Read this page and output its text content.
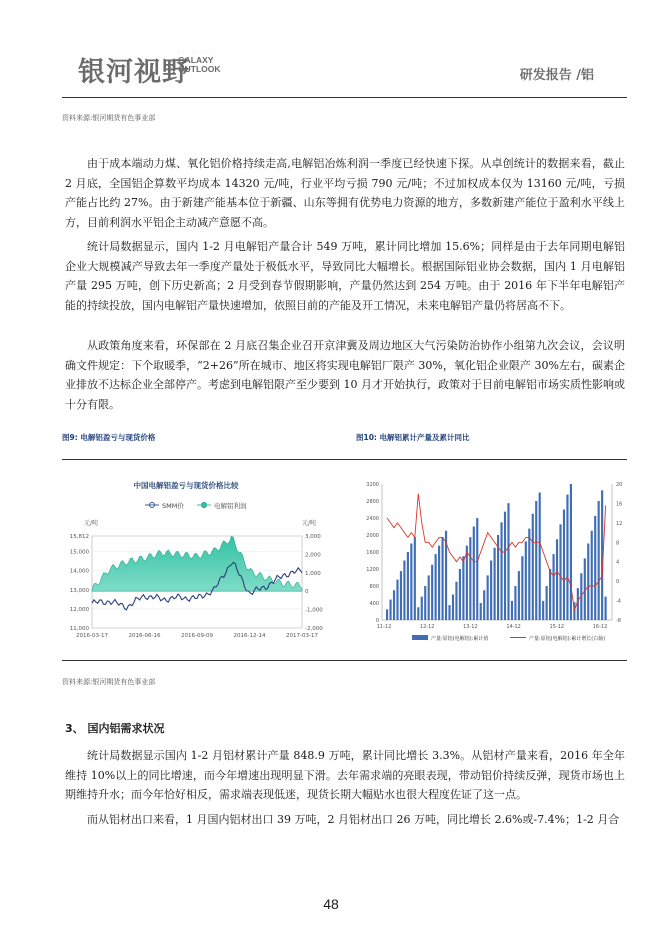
银河视野
· · · · · · · ·
GALAXY
OUTLOOK	研发报告 /铝
资料来源:银河期货有色事业部

由于成本端动力煤、氧化铝价格持续走高,电解铝冶炼利润一季度已经快速下探。从卓创统计的数据来看，截止 2 月底，全国铝企算数平均成本 14320 元/吨，行业平均亏损 790 元/吨；不过加权成本仅为 13160 元/吨，亏损产能占比约 27%。由于新建产能基本位于新疆、山东等拥有优势电力资源的地方，多数新建产能位于盈利水平线上方，目前利润水平铝企主动减产意愿不高。

统计局数据显示，国内 1-2 月电解铝产量合计 549 万吨，累计同比增加 15.6%；同样是由于去年同期电解铝企业大规模减产导致去年一季度产量处于极低水平，导致同比大幅增长。根据国际铝业协会数据，国内 1 月电解铝产量 295 万吨，创下历史新高；2 月受到春节假期影响，产量仍然达到 254 万吨。由于 2016 年下半年电解铝产能的持续投放，国内电解铝产量快速增加，依照目前的产能及开工情况，未来电解铝产量仍将居高不下。

从政策角度来看，环保部在 2 月底召集企业召开京津冀及周边地区大气污染防治协作小组第九次会议，会议明确文件规定：下个取暖季，“2+26”所在城市、地区将实现电解铝厂限产 30%，氧化铝企业限产 30%左右，碳素企业排放不达标企业全部停产。考虑到电解铝限产至少要到 10 月才开始执行，政策对于目前电解铝市场实质性影响或十分有限。

图9: 电解铝盈亏与现货价格	图10: 电解铝累计产量及累计同比
中国电解铝盈亏与现货价格比较
SMM价	电解铝利润
元/吨	元/吨
11,000
12,000
13,000
14,000
15,000
15,812
-2,000
-1,000
0
1,000
2,000
3,000
2016-03-17	2016-06-16	2016-09-09	2016-12-14	2017-03-17
0
400
800
1200
1600
2000
2400
2800
3200
-8
-4
0
4
8
12
16
20
11-12	12-12	13-12	14-12	15-12	16-12
产量:原铝(电解铝):累计值	产量:原铝(电解铝):累计增长(右轴)
资料来源:银河期货有色事业部
3、 国内铝需求状况

统计局数据显示国内 1-2 月铝材累计产量 848.9 万吨，累计同比增长 3.3%。从铝材产量来看，2016 年全年维持 10%以上的同比增速，而今年增速出现明显下滑。去年需求端的亮眼表现，带动铝价持续反弹，现货市场也上期维持升水；而今年恰好相反，需求端表现低迷，现货长期大幅贴水也很大程度佐证了这一点。

而从铝材出口来看，1 月国内铝材出口 39 万吨，2 月铝材出口 26 万吨，同比增长 2.6%或-7.4%；1-2 月合

48
